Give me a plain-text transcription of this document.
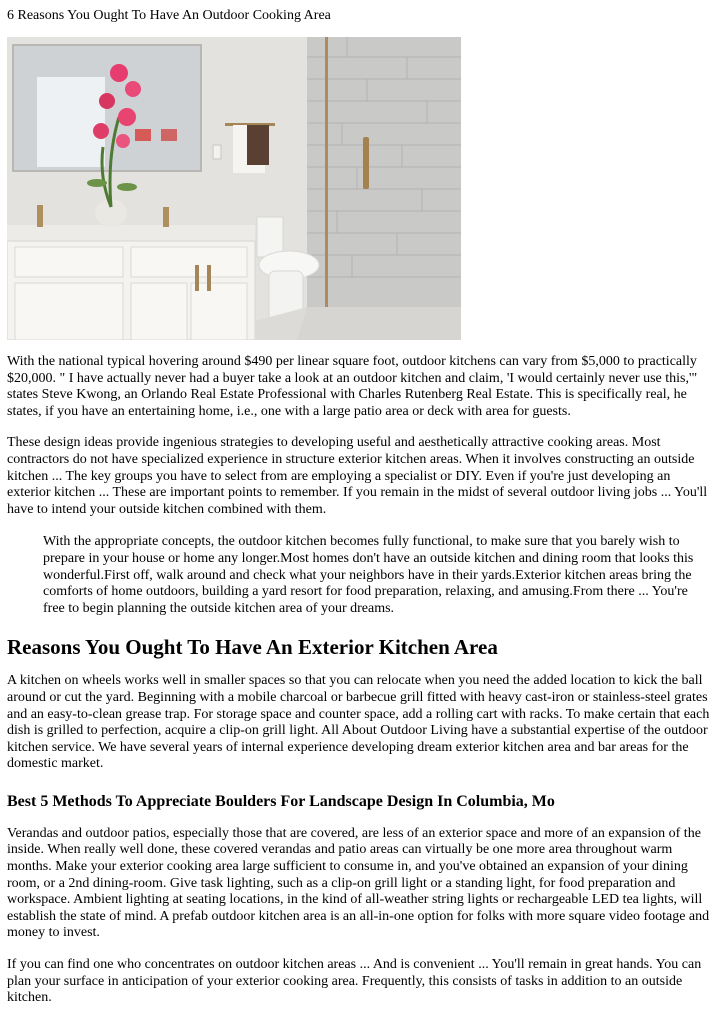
6 Reasons You Ought To Have An Outdoor Cooking Area

With the national typical hovering around $490 per linear square foot, outdoor kitchens can vary from $5,000 to practically $20,000. " I have actually never had a buyer take a look at an outdoor kitchen and claim, 'I would certainly never use this,'" states Steve Kwong, an Orlando Real Estate Professional with Charles Rutenberg Real Estate. This is specifically real, he states, if you have an entertaining home, i.e., one with a large patio area or deck with area for guests.

These design ideas provide ingenious strategies to developing useful and aesthetically attractive cooking areas. Most contractors do not have specialized experience in structure exterior kitchen areas. When it involves constructing an outside kitchen ... The key groups you have to select from are employing a specialist or DIY. Even if you're just developing an exterior kitchen ... These are important points to remember. If you remain in the midst of several outdoor living jobs ... You'll have to intend your outside kitchen combined with them.

With the appropriate concepts, the outdoor kitchen becomes fully functional, to make sure that you barely wish to prepare in your house or home any longer.Most homes don't have an outside kitchen and dining room that looks this wonderful.First off, walk around and check what your neighbors have in their yards.Exterior kitchen areas bring the comforts of home outdoors, building a yard resort for food preparation, relaxing, and amusing.From there ... You're free to begin planning the outside kitchen area of your dreams.
Reasons You Ought To Have An Exterior Kitchen Area

A kitchen on wheels works well in smaller spaces so that you can relocate when you need the added location to kick the ball around or cut the yard. Beginning with a mobile charcoal or barbecue grill fitted with heavy cast-iron or stainless-steel grates and an easy-to-clean grease trap. For storage space and counter space, add a rolling cart with racks. To make certain that each dish is grilled to perfection, acquire a clip-on grill light. All About Outdoor Living have a substantial expertise of the outdoor kitchen service. We have several years of internal experience developing dream exterior kitchen area and bar areas for the domestic market.

Best 5 Methods To Appreciate Boulders For Landscape Design In Columbia, Mo

Verandas and outdoor patios, especially those that are covered, are less of an exterior space and more of an expansion of the inside. When really well done, these covered verandas and patio areas can virtually be one more area throughout warm months. Make your exterior cooking area large sufficient to consume in, and you've obtained an expansion of your dining room, or a 2nd dining-room. Give task lighting, such as a clip-on grill light or a standing light, for food preparation and workspace. Ambient lighting at seating locations, in the kind of all-weather string lights or rechargeable LED tea lights, will establish the state of mind. A prefab outdoor kitchen area is an all-in-one option for folks with more square video footage and money to invest.

If you can find one who concentrates on outdoor kitchen areas ... And is convenient ... You'll remain in great hands. You can plan your surface in anticipation of your exterior cooking area. Frequently, this consists of tasks in addition to an outside kitchen.
